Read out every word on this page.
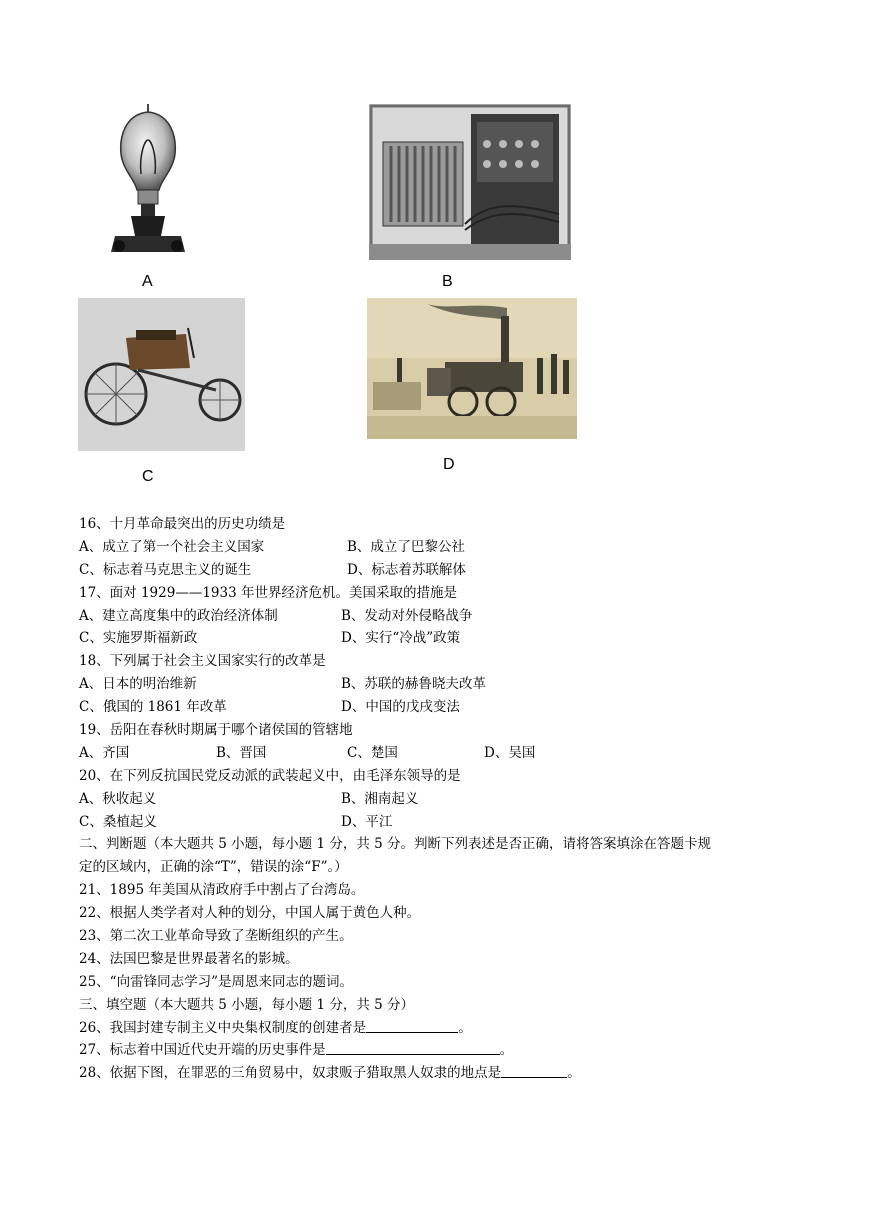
A	B
C
D
16、十月革命最突出的历史功绩是
A、成立了第一个社会主义国家	B、成立了巴黎公社
C、标志着马克思主义的诞生	D、标志着苏联解体
17、面对 1929——1933 年世界经济危机。美国采取的措施是
A、建立高度集中的政治经济体制	B、发动对外侵略战争
C、实施罗斯福新政	D、实行“冷战”政策
18、下列属于社会主义国家实行的改革是
A、日本的明治维新	B、苏联的赫鲁晓夫改革
C、俄国的 1861 年改革	D、中国的戊戌变法
19、岳阳在春秋时期属于哪个诸侯国的管辖地
A、齐国	B、晋国	C、楚国	D、吴国
20、在下列反抗国民党反动派的武装起义中，由毛泽东领导的是
A、秋收起义	B、湘南起义
C、桑植起义	D、平江
二、判断题（本大题共 5 小题，每小题 1 分，共 5 分。判断下列表述是否正确，请将答案填涂在答题卡规
定的区域内，正确的涂“T”，错误的涂“F”。）
21、1895 年美国从清政府手中割占了台湾岛。
22、根据人类学者对人种的划分，中国人属于黄色人种。
23、第二次工业革命导致了垄断组织的产生。
24、法国巴黎是世界最著名的影城。
25、“向雷锋同志学习”是周恩来同志的题词。
三、填空题（本大题共 5 小题，每小题 1 分，共 5 分）
26、我国封建专制主义中央集权制度的创建者是	。
27、标志着中国近代史开端的历史事件是	。
28、依据下图，在罪恶的三角贸易中，奴隶贩子猎取黑人奴隶的地点是	。
